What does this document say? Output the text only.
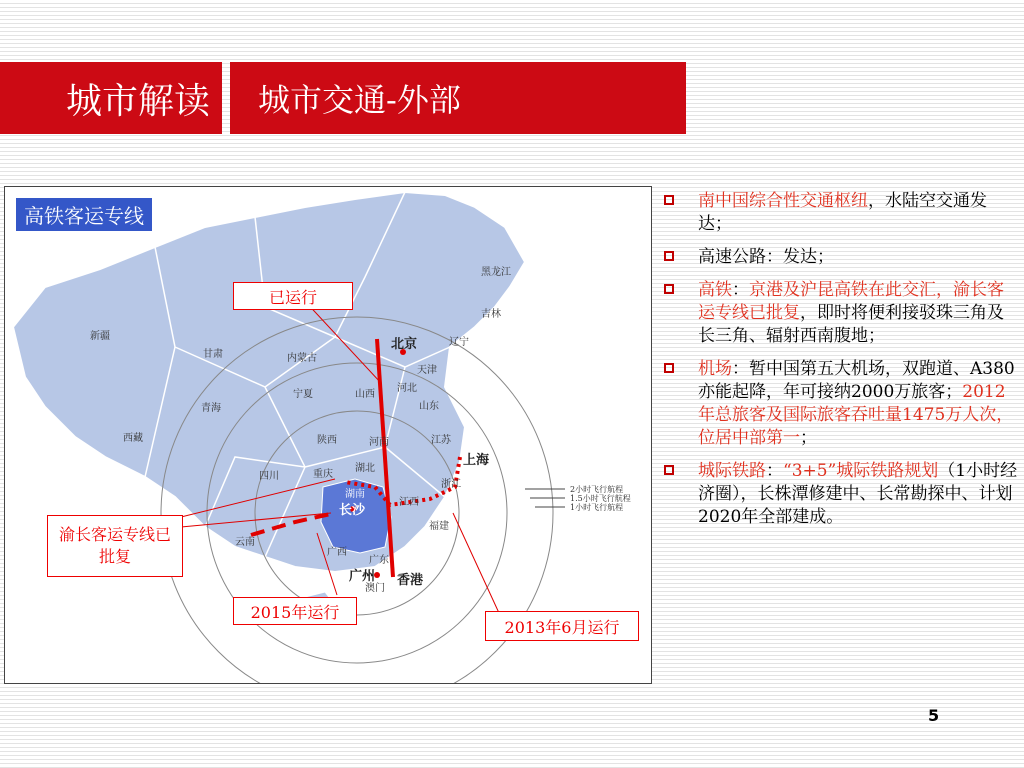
城市解读	城市交通-外部
高铁客运专线
已运行
渝长客运专线已批复
2015年运行
2013年6月运行
2小时飞行航程
1.5小时飞行航程
1小时飞行航程
北京
上海
长沙
广州 香港
澳门
新疆
西藏
青海
甘肃	内蒙古
黑龙江
吉林
辽宁
天津
宁夏	山西
山东
四川	重庆
云南
广西
湖北
湖南
江西
福建
江苏
浙江
广东
陕西	河南
河北
南中国综合性交通枢纽，水陆空交通发达；
高速公路：发达；
高铁：京港及沪昆高铁在此交汇，渝长客运专线已批复，即时将便利接驳珠三角及长三角、辐射西南腹地；
机场：暂中国第五大机场，双跑道、A380亦能起降，年可接纳2000万旅客；2012年总旅客及国际旅客吞吐量1475万人次，位居中部第一；
城际铁路：“3+5”城际铁路规划（1小时经济圈），长株潭修建中、长常勘探中、计划2020年全部建成。
5
